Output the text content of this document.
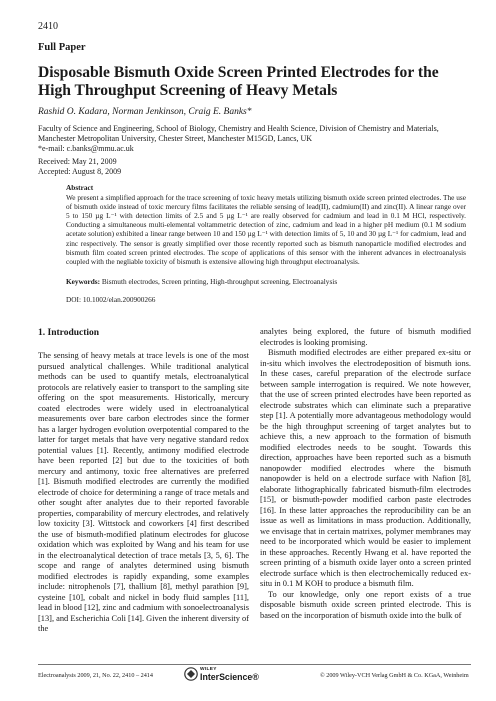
2410
Full Paper
Disposable Bismuth Oxide Screen Printed Electrodes for the High Throughput Screening of Heavy Metals
Rashid O. Kadara, Norman Jenkinson, Craig E. Banks*
Faculty of Science and Engineering, School of Biology, Chemistry and Health Science, Division of Chemistry and Materials,
Manchester Metropolitan University, Chester Street, Manchester M15GD, Lancs, UK
*e-mail: c.banks@mmu.ac.uk
Received: May 21, 2009
Accepted: August 8, 2009
Abstract
We present a simplified approach for the trace screening of toxic heavy metals utilizing bismuth oxide screen printed electrodes. The use of bismuth oxide instead of toxic mercury films facilitates the reliable sensing of lead(II), cadmium(II) and zinc(II). A linear range over 5 to 150 µg L⁻¹ with detection limits of 2.5 and 5 µg L⁻¹ are really observed for cadmium and lead in 0.1 M HCl, respectively. Conducting a simultaneous multi-elemental voltammetric detection of zinc, cadmium and lead in a higher pH medium (0.1 M sodium acetate solution) exhibited a linear range between 10 and 150 µg L⁻¹ with detection limits of 5, 10 and 30 µg L⁻¹ for cadmium, lead and zinc respectively. The sensor is greatly simplified over those recently reported such as bismuth nanoparticle modified electrodes and bismuth film coated screen printed electrodes. The scope of applications of this sensor with the inherent advances in electroanalysis coupled with the negliable toxicity of bismuth is extensive allowing high throughput electroanalysis.
Keywords: Bismuth electrodes, Screen printing, High-throughput screening, Electroanalysis
DOI: 10.1002/elan.200900266
1. Introduction

The sensing of heavy metals at trace levels is one of the most pursued analytical challenges. While traditional analytical methods can be used to quantify metals, electroanalytical protocols are relatively easier to transport to the sampling site offering on the spot measurements. Historically, mercury coated electrodes were widely used in electroanalytical measurements over bare carbon electrodes since the former has a larger hydrogen evolution overpotential compared to the latter for target metals that have very negative standard redox potential values [1]. Recently, antimony modified electrode have been reported [2] but due to the toxicities of both mercury and antimony, toxic free alternatives are preferred [1]. Bismuth modified electrodes are currently the modified electrode of choice for determining a range of trace metals and other sought after analytes due to their reported favorable properties, comparability of mercury electrodes, and relatively low toxicity [3]. Wittstock and coworkers [4] first described the use of bismuth-modified platinum electrodes for glucose oxidation which was exploited by Wang and his team for use in the electroanalytical detection of trace metals [3, 5, 6]. The scope and range of analytes determined using bismuth modified electrodes is rapidly expanding, some examples include: nitrophenols [7], thallium [8], methyl parathion [9], cysteine [10], cobalt and nickel in body fluid samples [11], lead in blood [12], zinc and cadmium with sonoelectroanalysis [13], and Escherichia Coli [14]. Given the inherent diversity of the

analytes being explored, the future of bismuth modified electrodes is looking promising.

Bismuth modified electrodes are either prepared ex-situ or in-situ which involves the electrodeposition of bismuth ions. In these cases, careful preparation of the electrode surface between sample interrogation is required. We note however, that the use of screen printed electrodes have been reported as electrode substrates which can eliminate such a preparative step [1]. A potentially more advantageous methodology would be the high throughput screening of target analytes but to achieve this, a new approach to the formation of bismuth modified electrodes needs to be sought. Towards this direction, approaches have been reported such as a bismuth nanopowder modified electrodes where the bismuth nanopowder is held on a electrode surface with Nafion [8], elaborate lithographically fabricated bismuth-film electrodes [15], or bismuth-powder modified carbon paste electrodes [16]. In these latter approaches the reproducibility can be an issue as well as limitations in mass production. Additionally, we envisage that in certain matrixes, polymer membranes may need to be incorporated which would be easier to implement in these approaches. Recently Hwang et al. have reported the screen printing of a bismuth oxide layer onto a screen printed electrode surface which is then electrochemically reduced ex-situ in 0.1 M KOH to produce a bismuth film.

To our knowledge, only one report exists of a true disposable bismuth oxide screen printed electrode. This is based on the incorporation of bismuth oxide into the bulk of

Electroanalysis 2009, 21, No. 22, 2410 – 2414
WILEY
InterScience®	© 2009 Wiley-VCH Verlag GmbH & Co. KGaA, Weinheim
